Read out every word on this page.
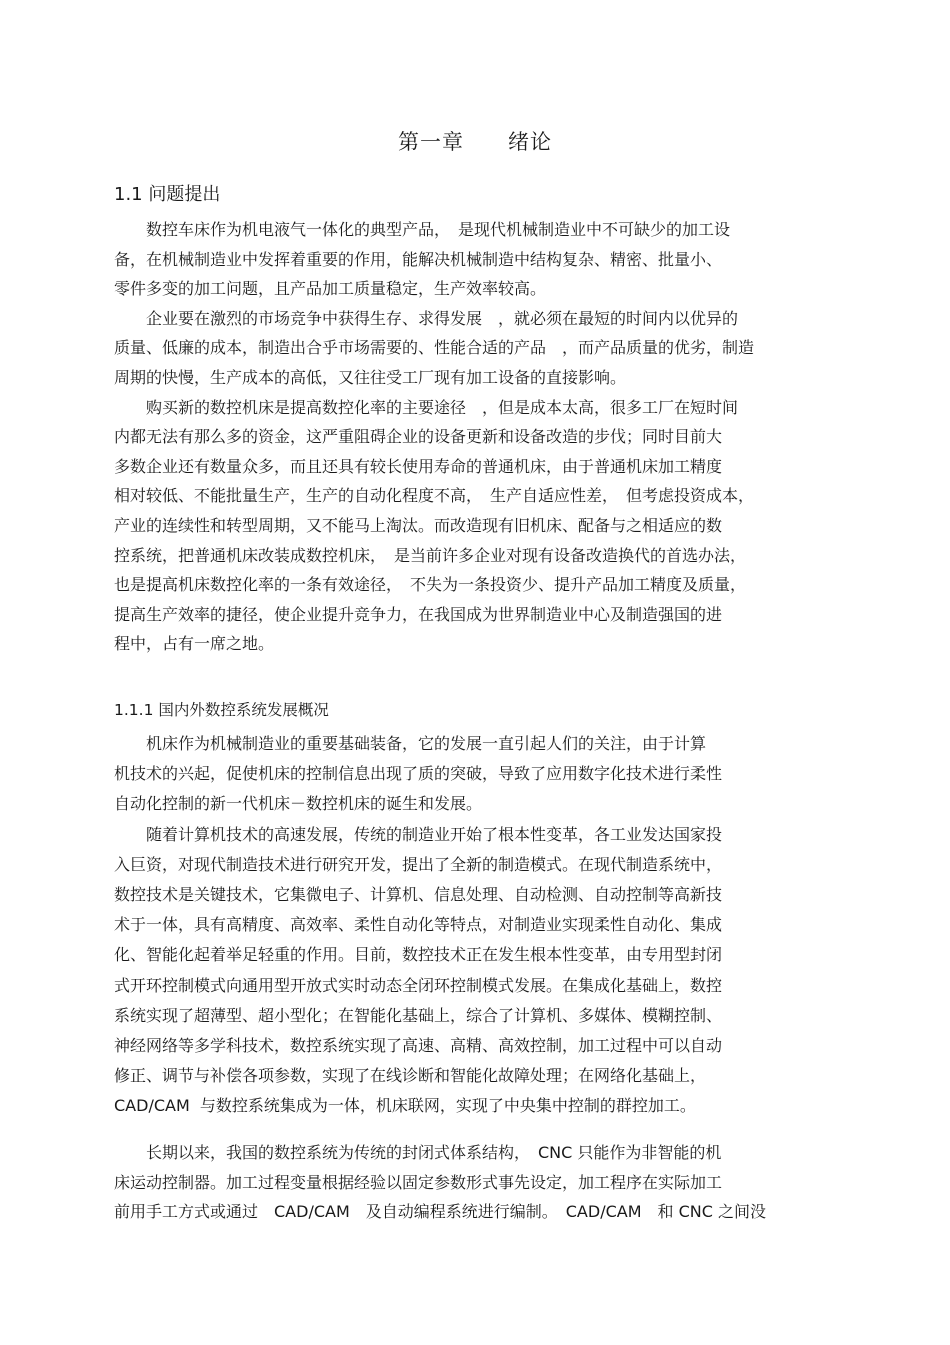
第一章　　绪论
1.1 问题提出
　　数控车床作为机电液气一体化的典型产品，　是现代机械制造业中不可缺少的加工设
备，在机械制造业中发挥着重要的作用，能解决机械制造中结构复杂、精密、批量小、
零件多变的加工问题，且产品加工质量稳定，生产效率较高。
　　企业要在激烈的市场竞争中获得生存、求得发展　，就必须在最短的时间内以优异的
质量、低廉的成本，制造出合乎市场需要的、性能合适的产品　，而产品质量的优劣，制造
周期的快慢，生产成本的高低，又往往受工厂现有加工设备的直接影响。
　　购买新的数控机床是提高数控化率的主要途径　，但是成本太高，很多工厂在短时间
内都无法有那么多的资金，这严重阻碍企业的设备更新和设备改造的步伐；同时目前大
多数企业还有数量众多，而且还具有较长使用寿命的普通机床，由于普通机床加工精度
相对较低、不能批量生产，生产的自动化程度不高，　生产自适应性差，　但考虑投资成本，
产业的连续性和转型周期，又不能马上淘汰。而改造现有旧机床、配备与之相适应的数
控系统，把普通机床改装成数控机床，　是当前许多企业对现有设备改造换代的首选办法，
也是提高机床数控化率的一条有效途径，　不失为一条投资少、提升产品加工精度及质量，
提高生产效率的捷径，使企业提升竞争力，在我国成为世界制造业中心及制造强国的进
程中，占有一席之地。
1.1.1 国内外数控系统发展概况
　　机床作为机械制造业的重要基础装备，它的发展一直引起人们的关注，由于计算
机技术的兴起，促使机床的控制信息出现了质的突破，导致了应用数字化技术进行柔性
自动化控制的新一代机床－数控机床的诞生和发展。
　　随着计算机技术的高速发展，传统的制造业开始了根本性变革，各工业发达国家投
入巨资，对现代制造技术进行研究开发，提出了全新的制造模式。在现代制造系统中，
数控技术是关键技术，它集微电子、计算机、信息处理、自动检测、自动控制等高新技
术于一体，具有高精度、高效率、柔性自动化等特点，对制造业实现柔性自动化、集成
化、智能化起着举足轻重的作用。目前，数控技术正在发生根本性变革，由专用型封闭
式开环控制模式向通用型开放式实时动态全闭环控制模式发展。在集成化基础上，数控
系统实现了超薄型、超小型化；在智能化基础上，综合了计算机、多媒体、模糊控制、
神经网络等多学科技术，数控系统实现了高速、高精、高效控制，加工过程中可以自动
修正、调节与补偿各项参数，实现了在线诊断和智能化故障处理；在网络化基础上，
CAD/CAM  与数控系统集成为一体，机床联网，实现了中央集中控制的群控加工。
　　长期以来，我国的数控系统为传统的封闭式体系结构，　CNC 只能作为非智能的机
床运动控制器。加工过程变量根据经验以固定参数形式事先设定，加工程序在实际加工
前用手工方式或通过　CAD/CAM　及自动编程系统进行编制。　CAD/CAM　和 CNC 之间没
